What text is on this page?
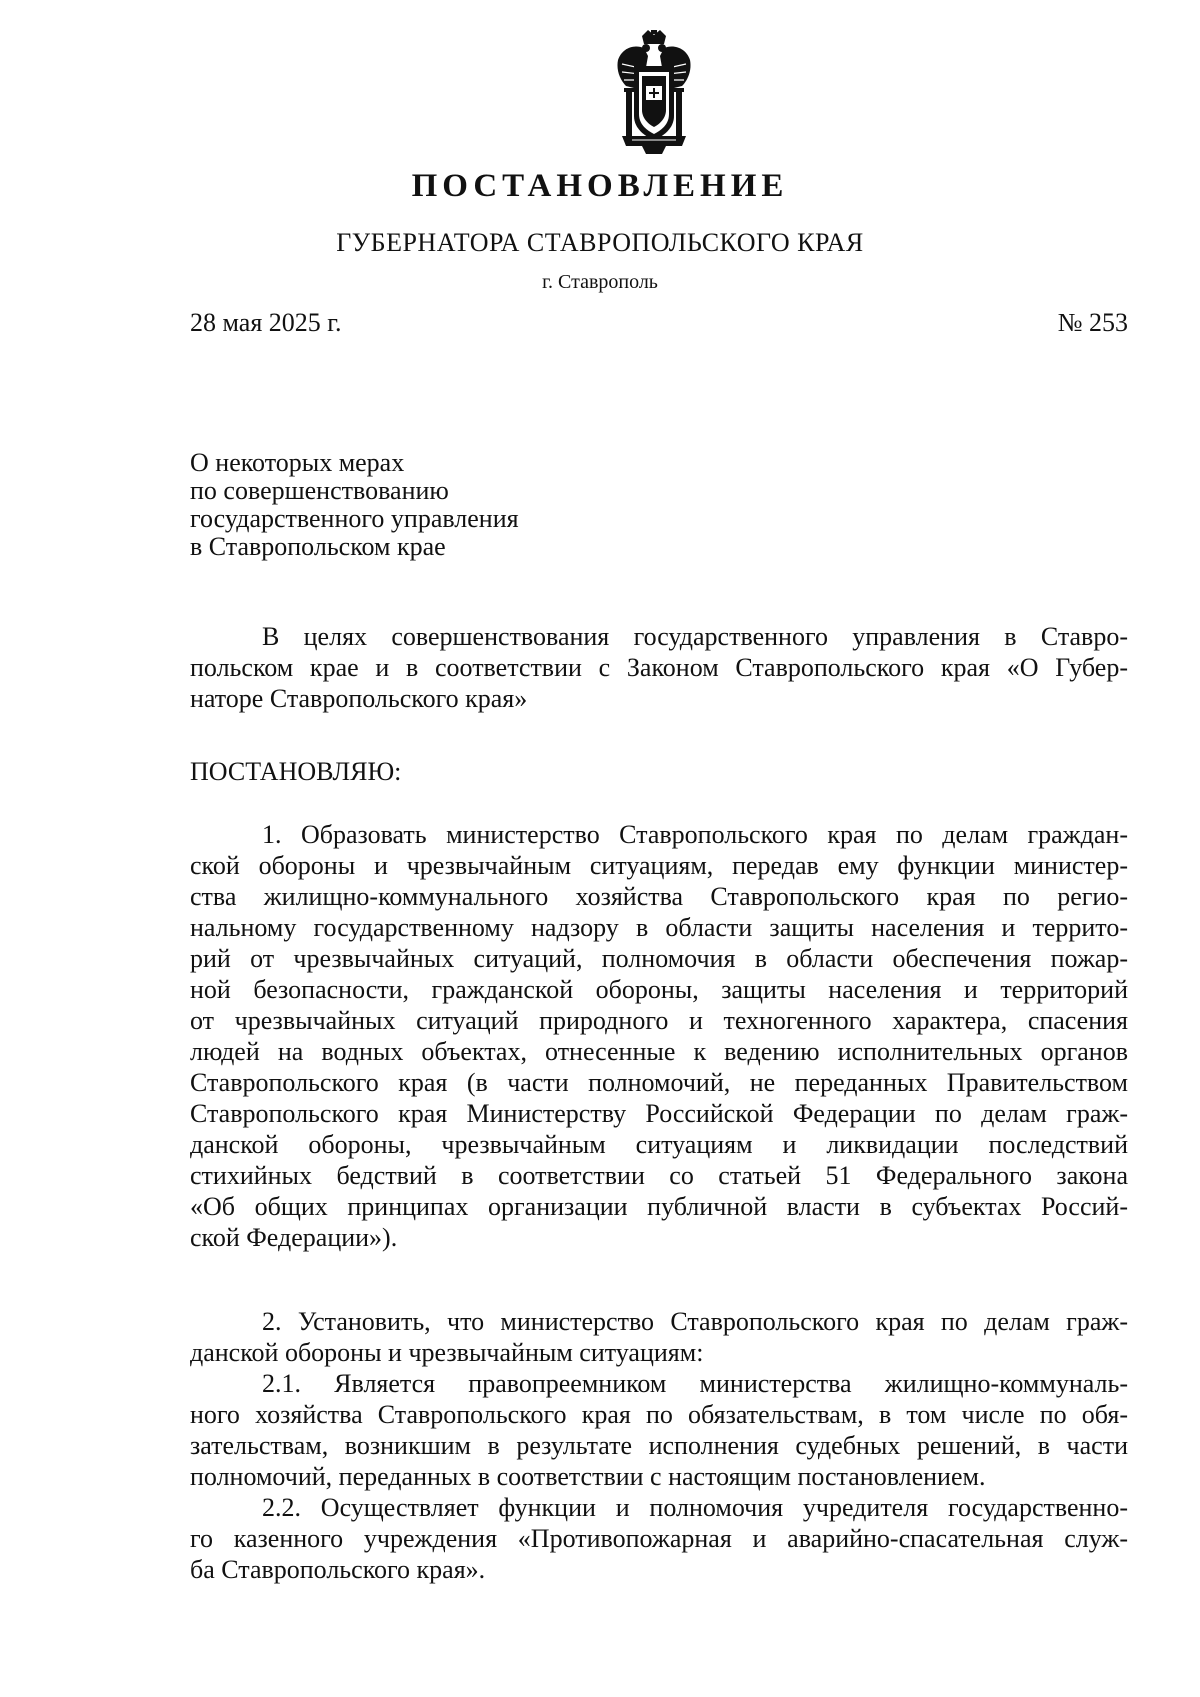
ПОСТАНОВЛЕНИЕ
ГУБЕРНАТОРА СТАВРОПОЛЬСКОГО КРАЯ
г. Ставрополь
28 мая 2025 г.	№ 253
О некоторых мерах
по совершенствованию
государственного управления
в Ставропольском крае
В целях совершенствования государственного управления в Ставро-
польском крае и в соответствии с Законом Ставропольского края «О Губер-
наторе Ставропольского края»
ПОСТАНОВЛЯЮ:
1. Образовать министерство Ставропольского края по делам граждан-
ской обороны и чрезвычайным ситуациям, передав ему функции министер-
ства жилищно-коммунального хозяйства Ставропольского края по регио-
нальному государственному надзору в области защиты населения и террито-
рий от чрезвычайных ситуаций, полномочия в области обеспечения пожар-
ной безопасности, гражданской обороны, защиты населения и территорий
от чрезвычайных ситуаций природного и техногенного характера, спасения
людей на водных объектах, отнесенные к ведению исполнительных органов
Ставропольского края (в части полномочий, не переданных Правительством
Ставропольского края Министерству Российской Федерации по делам граж-
данской обороны, чрезвычайным ситуациям и ликвидации последствий
стихийных бедствий в соответствии со статьей 51 Федерального закона
«Об общих принципах организации публичной власти в субъектах Россий-
ской Федерации»).
2. Установить, что министерство Ставропольского края по делам граж-
данской обороны и чрезвычайным ситуациям:
2.1. Является правопреемником министерства жилищно-коммуналь-
ного хозяйства Ставропольского края по обязательствам, в том числе по обя-
зательствам, возникшим в результате исполнения судебных решений, в части
полномочий, переданных в соответствии с настоящим постановлением.
2.2. Осуществляет функции и полномочия учредителя государственно-
го казенного учреждения «Противопожарная и аварийно-спасательная служ-
ба Ставропольского края».
